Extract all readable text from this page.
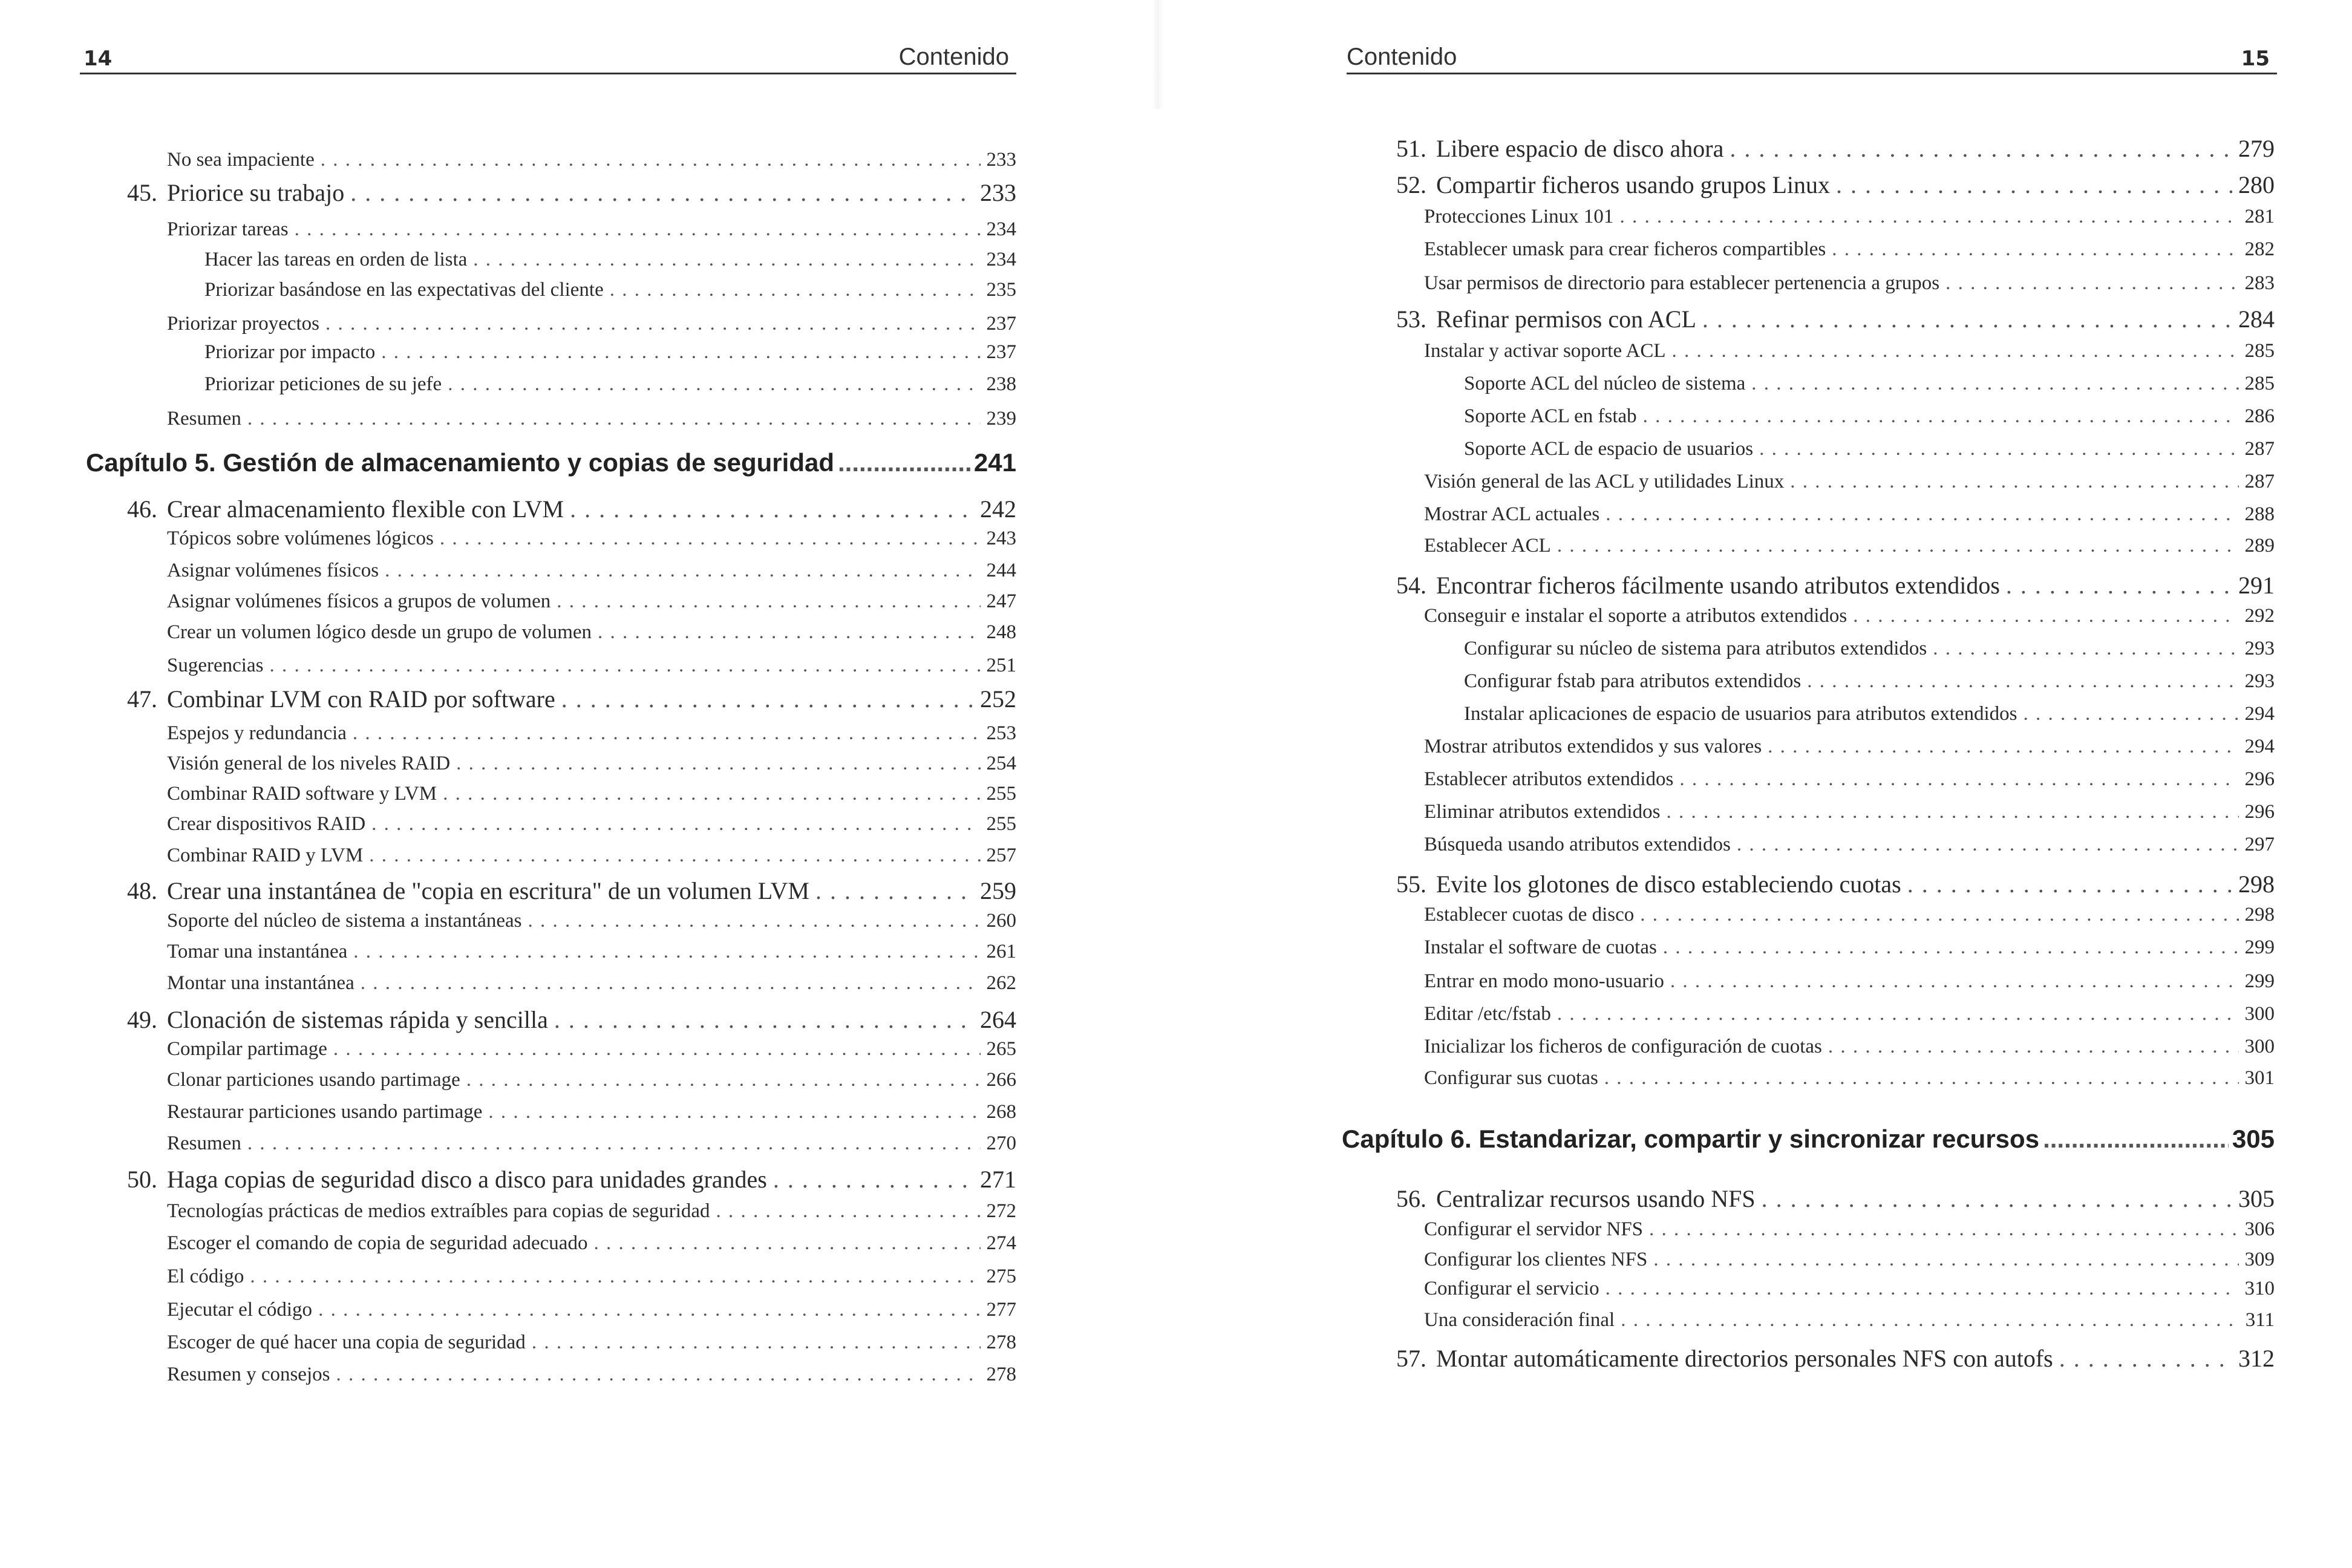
14	Contenido
No sea impaciente . . .	233
45. Priorice su trabajo . . .	233
Priorizar tareas . . .	234
Hacer las tareas en orden de lista . . .	234
Priorizar basándose en las expectativas del cliente . . .	235
Priorizar proyectos . . .	237
Priorizar por impacto . . .	237
Priorizar peticiones de su jefe . . .	238
Resumen . . .	239
Capítulo 5. Gestión de almacenamiento y copias de seguridad .....	241
46. Crear almacenamiento flexible con LVM . . .	242
Tópicos sobre volúmenes lógicos . . .	243
Asignar volúmenes físicos . . .	244
Asignar volúmenes físicos a grupos de volumen . . .	247
Crear un volumen lógico desde un grupo de volumen . . .	248
Sugerencias . . .	251
47. Combinar LVM con RAID por software . . .	252
Espejos y redundancia . . .	253
Visión general de los niveles RAID . . .	254
Combinar RAID software y LVM . . .	255
Crear dispositivos RAID . . .	255
Combinar RAID y LVM . . .	257
48. Crear una instantánea de "copia en escritura" de un volumen LVM . . .	259
Soporte del núcleo de sistema a instantáneas . . .	260
Tomar una instantánea . . .	261
Montar una instantánea . . .	262
49. Clonación de sistemas rápida y sencilla . . .	264
Compilar partimage . . .	265
Clonar particiones usando partimage . . .	266
Restaurar particiones usando partimage . . .	268
Resumen . . .	270
50. Haga copias de seguridad disco a disco para unidades grandes . . .	271
Tecnologías prácticas de medios extraíbles para copias de seguridad . . .	272
Escoger el comando de copia de seguridad adecuado . . .	274
El código . . .	275
Ejecutar el código . . .	277
Escoger de qué hacer una copia de seguridad . . .	278
Resumen y consejos . . .	278
Contenido	15
51. Libere espacio de disco ahora . . .	279
52. Compartir ficheros usando grupos Linux . . .	280
Protecciones Linux 101 . . .	281
Establecer umask para crear ficheros compartibles . . .	282
Usar permisos de directorio para establecer pertenencia a grupos . . .	283
53. Refinar permisos con ACL . . .	284
Instalar y activar soporte ACL . . .	285
Soporte ACL del núcleo de sistema . . .	285
Soporte ACL en fstab . . .	286
Soporte ACL de espacio de usuarios . . .	287
Visión general de las ACL y utilidades Linux . . .	287
Mostrar ACL actuales . . .	288
Establecer ACL . . .	289
54. Encontrar ficheros fácilmente usando atributos extendidos . . .	291
Conseguir e instalar el soporte a atributos extendidos . . .	292
Configurar su núcleo de sistema para atributos extendidos . . .	293
Configurar fstab para atributos extendidos . . .	293
Instalar aplicaciones de espacio de usuarios para atributos extendidos . . .	294
Mostrar atributos extendidos y sus valores . . .	294
Establecer atributos extendidos . . .	296
Eliminar atributos extendidos . . .	296
Búsqueda usando atributos extendidos . . .	297
55. Evite los glotones de disco estableciendo cuotas . . .	298
Establecer cuotas de disco . . .	298
Instalar el software de cuotas . . .	299
Entrar en modo mono-usuario . . .	299
Editar /etc/fstab . . .	300
Inicializar los ficheros de configuración de cuotas . . .	300
Configurar sus cuotas . . .	301
Capítulo 6. Estandarizar, compartir y sincronizar recursos .....	305
56. Centralizar recursos usando NFS . . .	305
Configurar el servidor NFS . . .	306
Configurar los clientes NFS . . .	309
Configurar el servicio . . .	310
Una consideración final . . .	311
57. Montar automáticamente directorios personales NFS con autofs . . .	312
